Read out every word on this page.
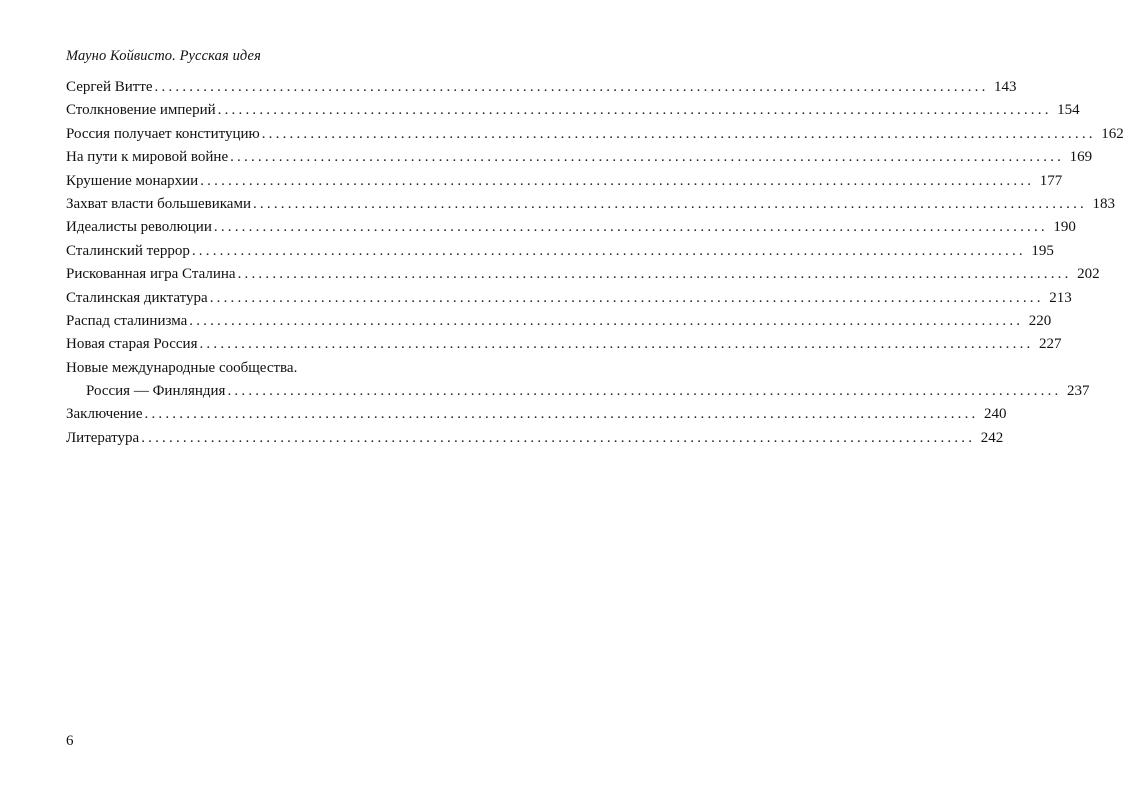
Мауно Койвисто. Русская идея
Сергей Витте ........................................................................................................................ 143
Столкновение империй ........................................................................................................................ 154
Россия получает конституцию ........................................................................................................................ 162
На пути к мировой войне ........................................................................................................................ 169
Крушение монархии ........................................................................................................................ 177
Захват власти большевиками ........................................................................................................................ 183
Идеалисты революции ........................................................................................................................ 190
Сталинский террор ........................................................................................................................ 195
Рискованная игра Сталина ........................................................................................................................ 202
Сталинская диктатура ........................................................................................................................ 213
Распад сталинизма ........................................................................................................................ 220
Новая старая Россия ........................................................................................................................ 227
Новые международные сообщества.
Россия — Финляндия ........................................................................................................................ 237
Заключение ........................................................................................................................ 240
Литература ........................................................................................................................ 242
6
